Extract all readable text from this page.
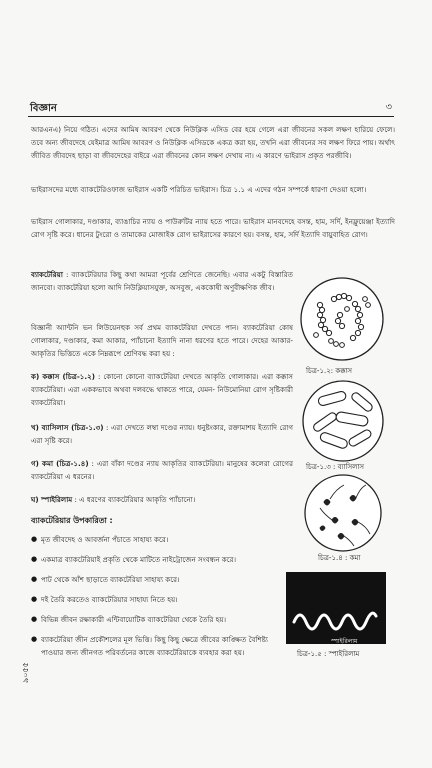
বিজ্ঞান	৩
আরএনএ) নিয়ে গঠিত। এদের আমিষ আবরণ থেকে নিউক্লিক এসিড বের হয়ে গেলে এরা জীবনের সকল লক্ষণ হারিয়ে ফেলে। তবে অন্য জীবদেহে যেইমাত্র আমিষ আবরণ ও নিউক্লিক এসিডকে একত্র করা হয়, তখনি এরা জীবনের সব লক্ষণ ফিরে পায়। অর্থাৎ জীবিত জীবদেহ ছাড়া বা জীবদেহের বাইরে এরা জীবনের কোন লক্ষণ দেখায় না। এ কারণে ভাইরাস প্রকৃত পরজীবি।
ভাইরাসদের মধ্যে ব্যাকটেরিওফাজ ভাইরাস একটি পরিচিত ভাইরাস। চিত্র ১.১ এ এদের গঠন সম্পর্কে ধারণা দেওয়া হলো।
ভাইরাস গোলাকার, দণ্ডাকার, ব্যাঙাচির ন্যায় ও পাউরুটির ন্যায় হতে পারে। ভাইরাস মানবদেহে বসন্ত, হাম, সর্দি, ইনফ্লুয়েঞ্জা ইত্যাদি রোগ সৃষ্টি করে। ধানের টুংরো ও তামাকের মোজাইক রোগ ভাইরাসের কারণে হয়। বসন্ত, হাম, সর্দি ইত্যাদি বায়ুবাহিত রোগ।
ব্যাকটেরিয়া : ব্যাকটেরিয়ার কিছু কথা আমরা পূর্বের শ্রেণিতে জেনেছি। এবার একটু বিস্তারিত জানবো। ব্যাকটেরিয়া হলো আদি নিউক্লিয়াসযুক্ত, অসবুজ, এককোষী অণুবীক্ষণিক জীব।
বিজ্ঞানী অ্যান্টনি ভন লিউয়েনহুক সর্ব প্রথম ব্যাকটেরিয়া দেখতে পান। ব্যাকটেরিয়া কোষ গোলাকার, দণ্ডাকার, কমা আকার, প্যাঁচানো ইত্যাদি নানা ধরণের হতে পারে। দেহের আকার-আকৃতির ভিত্তিতে একে নিম্নরূপে শ্রেণিবদ্ধ করা হয় :
ক) কক্কাস (চিত্র-১.২) : কোনো কোনো ব্যাকটেরিয়া দেখতে আকৃতি গোলাকার। এরা কক্কাস ব্যাকটেরিয়া। এরা এককভাবে অথবা দলবদ্ধে থাকতে পারে, যেমন- নিউমোনিয়া রোগ সৃষ্টিকারী ব্যাকটেরিয়া।
খ) ব্যাসিলাস (চিত্র-১.৩) : এরা দেখতে লম্বা দণ্ডের ন্যায়। ধনুষ্টংকার, রক্তামাশয় ইত্যাদি রোগ এরা সৃষ্টি করে।
গ) কমা (চিত্র-১.৪) : এরা বাঁকা দণ্ডের ন্যায় আকৃতির ব্যাকটেরিয়া। মানুষের কলেরা রোগের ব্যাকটেরিয়া এ ধরনের।
ঘ) স্পাইরিলাম : এ ধরণের ব্যাকটেরিয়ার আকৃতি প্যাঁচানো।
ব্যাকটেরিয়ার উপকারিতা :
● মৃত জীবদেহ ও আবর্জনা পঁচাতে সাহায্য করে।
● একমাত্র ব্যাকটেরিয়াই প্রকৃতি থেকে মাটিতে নাইট্রোজেন সংবন্ধন করে।
● পাট থেকে আঁশ ছাড়াতে ব্যাকটেরিয়া সাহায্য করে।
● দই তৈরি করতেও ব্যাকটেরিয়ার সাহায্য নিতে হয়।
● বিভিন্ন জীবন রক্ষাকারী এন্টিবায়োটিক ব্যাকটেরিয়া থেকে তৈরি হয়।
● ব্যাকটেরিয়া জীন প্রকৌশলের মূল ভিত্তি। কিছু কিছু ক্ষেত্রে জীবের কাঙ্ক্ষিত বৈশিষ্ট্য পাওয়ার জন্য জীনগত পরিবর্তনের কাজে ব্যাকটেরিয়াকে ব্যবহার করা হয়।
চিত্র-১.২: কক্কাস
চিত্র-১.৩ : ব্যাসিলাস
চিত্র-১.৪ : কমা
স্পাইরিলাম
চিত্র-১.৫ : স্পাইরিলাম
৯০৫৫
